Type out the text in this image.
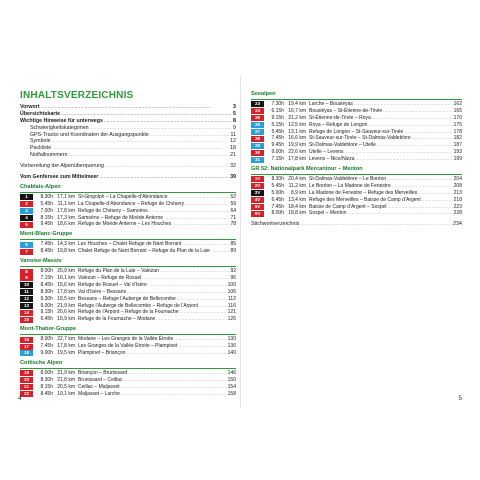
INHALTSVERZEICHNIS
Vorwort . . .	3
Übersichtskarte . . .	5
Wichtige Hinweise für unterwegs . . .	8
Schwierigkeitskategorien . . .	9
GPS-Tracks und Koordinaten der Ausgangspunkte . . .	11
Symbole . . .	12
Packliste . . .	18
Notfallnummern . . .	21
Vorbereitung der Alpenüberquerung . . .	32
Vom Genfersee zum Mittelmeer . . .	39
Chablais-Alpen
1	8.30h 17,1 km St-Gingolph – La Chapelle-d’Abondance . . .	52
2	5.45h 11,1 km La Chapelle-d’Abondance – Refuge de Chésery . . .	59
3	7.00h 17,8 km Refuge de Chésery – Samoëns . . .	64
4	8.15h 17,3 km Samoëns – Refuge de Moëde Anterne . . .	71
5	9.45h 18,6 km Refuge de Moëde Anterne – Les Houches . . .	78
Mont-Blanc-Gruppe
6	7.45h 14,3 km Les Houches – Chalet Refuge de Nant Borrant . . .	85
7	8.45h 19,8 km Chalet Refuge de Nant Borrant – Refuge du Plan de la Laie . . .	89
Vanoise-Massiv
8	8.00h 20,9 km Refuge du Plan de la Laie – Valezan . . .	92
9	7.15h 16,1 km Valezan – Refuge de Rosuel . . .	96
10	8.45h 15,6 km Refuge de Rosuel – Val d’Isère . . .	100
11	8.30h 17,8 km Val d’Isère – Bessans . . .	106
12	9.30h 18,5 km Bessans – Refuge l’Auberge de Bellecombe . . .	112
13	9.00h 21,9 km Refuge l’Auberge de Bellecombe – Refuge de l’Arpont . . .	116
14	9.15h 20,6 km Refuge de l’Arpont – Refuge de la Fournache . . .	121
15	6.45h 15,9 km Refuge de la Fournache – Modane . . .	126
Mont-Thabor-Gruppe
16	8.00h 22,7 km Modane – Les Granges de la Vallée Étroite . . .	130
17	7.45h 17,8 km Les Granges de la Vallée Étroite – Plampinet . . .	136
18	9.00h 19,5 km Plampinet – Briançon . . .	140
Cottische Alpen
19	8.00h 21,9 km Briançon – Brunissard . . .	146
20	8.30h 21,8 km Brunissard – Ceillac . . .	150
21	8.15h 20,5 km Ceillac – Maljasset . . .	154
22	8.45h 19,1 km Maljasset – Larche . . .	158
4
Seealpen
23	7.30h 19,4 km Larche – Bousiéyas . . .	162
24	6.15h 16,7 km Bousiéyas – St-Étienne-de-Tinée . . .	165
25	9.15h 21,2 km St-Étienne-de-Tinée – Roya . . .	170
26	5.15h 12,5 km Roya – Refuge de Longon . . .	175
27	5.45h 13,1 km Refuge de Longon – St-Sauveur-sur-Tinée . . .	178
28	7.45h 16,6 km St-Sauveur-sur-Tinée – St-Dalmas-Valdeblore . . .	182
29	9.45h 19,9 km St-Dalmas-Valdeblore – Utelle . . .	187
30	9.00h 22,6 km Utelle – Levens . . .	193
31	7.15h 17,8 km Levens – Nice/Nizza . . .	199
GR 52: Nationalpark Mercantour – Menton
1V	8.30h 20,4 km St-Dalmas-Valdeblore – Le Boréon . . .	204
2V	5.45h 11,2 km Le Boréon – La Madone de Fenestre . . .	208
3V	5.00h	8,9 km La Madone de Fenestre – Refuge des Merveilles . . .	213
4V	6.45h 13,4 km Refuge des Merveilles – Baisse de Camp d’Argent . . .	218
5V	7.45h 18,4 km Baisse de Camp d’Argent – Sospel . . .	223
6V	8.00h 18,8 km Sospel – Menton . . .	228
Stichwortverzeichnis . . .	234
5
